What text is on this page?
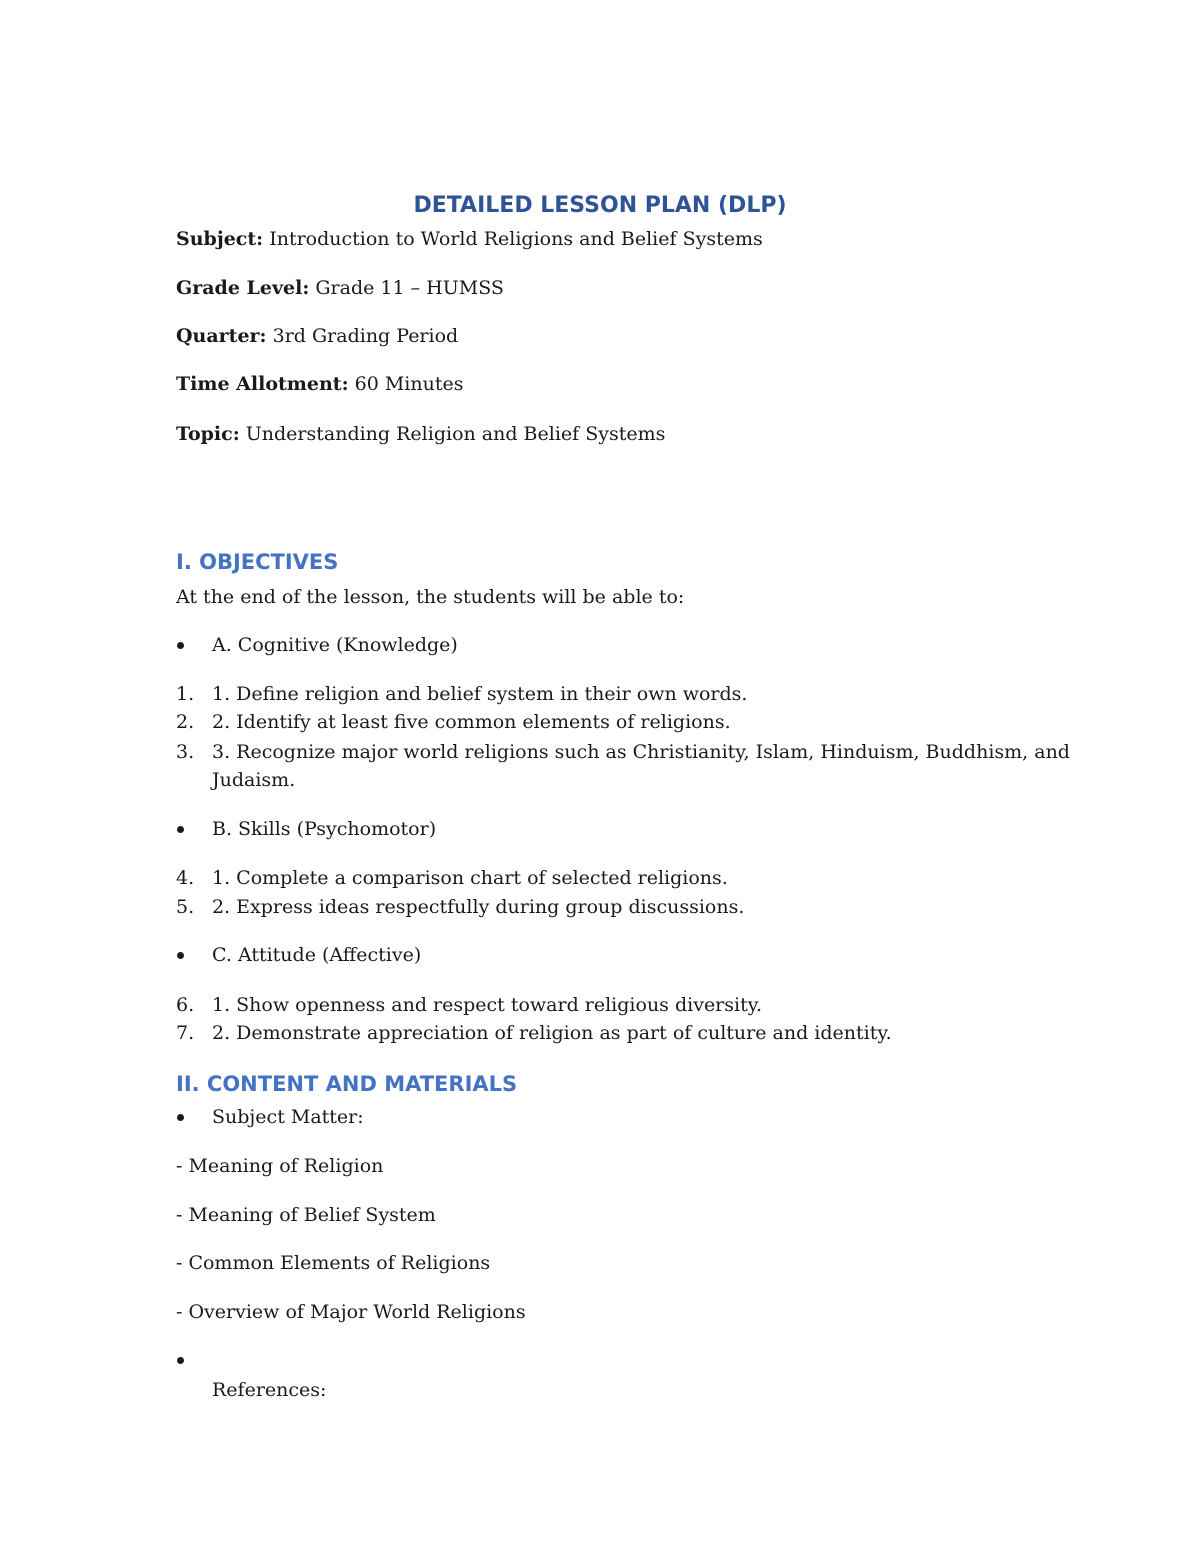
DETAILED LESSON PLAN (DLP)
Subject: Introduction to World Religions and Belief Systems
Grade Level: Grade 11 – HUMSS
Quarter: 3rd Grading Period
Time Allotment: 60 Minutes
Topic: Understanding Religion and Belief Systems
I. OBJECTIVES
At the end of the lesson, the students will be able to:
A. Cognitive (Knowledge)
1. 1. Define religion and belief system in their own words.
2. 2. Identify at least five common elements of religions.
3. 3. Recognize major world religions such as Christianity, Islam, Hinduism, Buddhism, and
Judaism.
B. Skills (Psychomotor)
4. 1. Complete a comparison chart of selected religions.
5. 2. Express ideas respectfully during group discussions.
C. Attitude (Affective)
6. 1. Show openness and respect toward religious diversity.
7. 2. Demonstrate appreciation of religion as part of culture and identity.
II. CONTENT AND MATERIALS
Subject Matter:
- Meaning of Religion
- Meaning of Belief System
- Common Elements of Religions
- Overview of Major World Religions
References:
